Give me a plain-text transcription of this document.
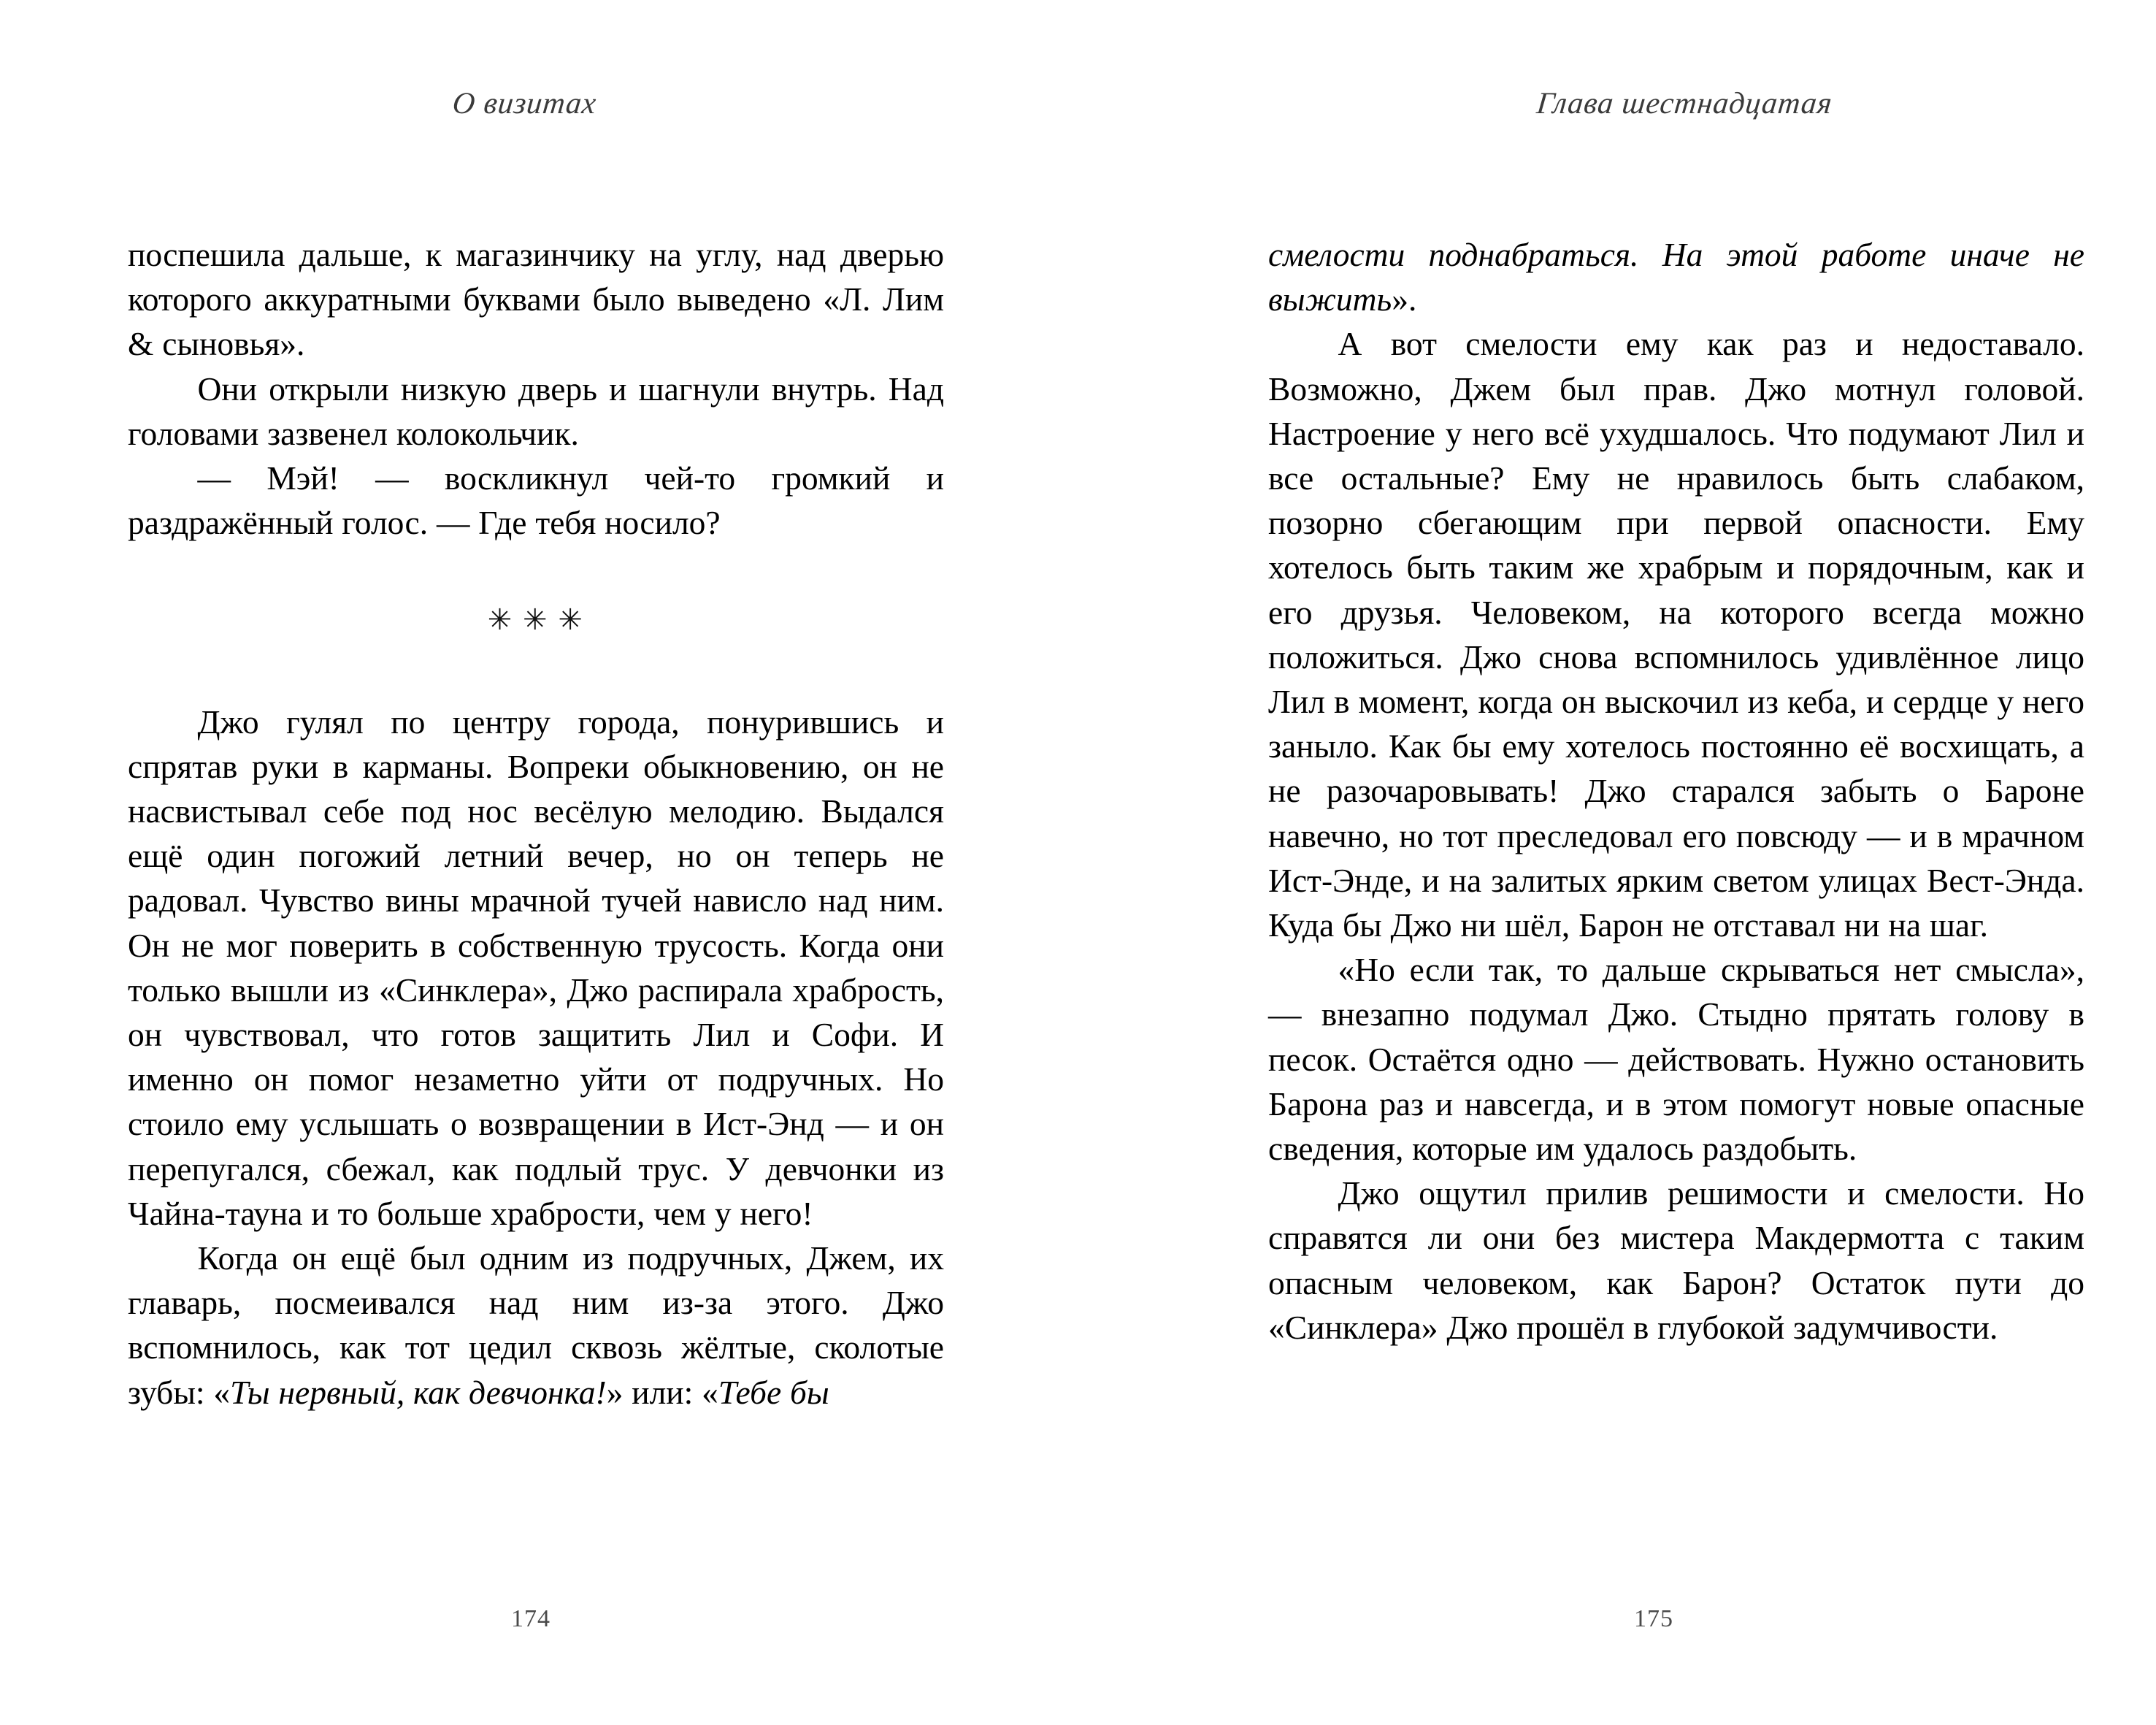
О визитах	Глава шестнадцатая

поспешила дальше, к магазинчику на углу, над дверью которого аккуратными буквами было выведено «Л. Лим & сыновья».

Они открыли низкую дверь и шагнули внутрь. Над головами зазвенел колокольчик.

— Мэй! — воскликнул чей-то громкий и раздражённый голос. — Где тебя носило?

✳ ✳ ✳

Джо гулял по центру города, понурившись и спрятав руки в карманы. Вопреки обыкновению, он не насвистывал себе под нос весёлую мелодию. Выдался ещё один погожий летний вечер, но он теперь не радовал. Чувство вины мрачной тучей нависло над ним. Он не мог поверить в собственную трусость. Когда они только вышли из «Синклера», Джо распирала храбрость, он чувствовал, что готов защитить Лил и Софи. И именно он помог незаметно уйти от подручных. Но стоило ему услышать о возвращении в Ист-Энд — и он перепугался, сбежал, как подлый трус. У девчонки из Чайна-тауна и то больше храбрости, чем у него!

Когда он ещё был одним из подручных, Джем, их главарь, посмеивался над ним из-за этого. Джо вспомнилось, как тот цедил сквозь жёлтые, сколотые зубы: «Ты нервный, как девчонка!» или: «Тебе бы

смелости поднабраться. На этой работе иначе не выжить».

А вот смелости ему как раз и недоставало. Возможно, Джем был прав. Джо мотнул головой. Настроение у него всё ухудшалось. Что подумают Лил и все остальные? Ему не нравилось быть слабаком, позорно сбегающим при первой опасности. Ему хотелось быть таким же храбрым и порядочным, как и его друзья. Человеком, на которого всегда можно положиться. Джо снова вспомнилось удивлённое лицо Лил в момент, когда он выскочил из кеба, и сердце у него заныло. Как бы ему хотелось постоянно её восхищать, а не разочаровывать! Джо старался забыть о Бароне навечно, но тот преследовал его повсюду — и в мрачном Ист-Энде, и на залитых ярким светом улицах Вест-Энда. Куда бы Джо ни шёл, Барон не отставал ни на шаг.

«Но если так, то дальше скрываться нет смысла», — внезапно подумал Джо. Стыдно прятать голову в песок. Остаётся одно — действовать. Нужно остановить Барона раз и навсегда, и в этом помогут новые опасные сведения, которые им удалось раздобыть.

Джо ощутил прилив решимости и смелости. Но справятся ли они без мистера Макдермотта с таким опасным человеком, как Барон? Остаток пути до «Синклера» Джо прошёл в глубокой задумчивости.

174	175
